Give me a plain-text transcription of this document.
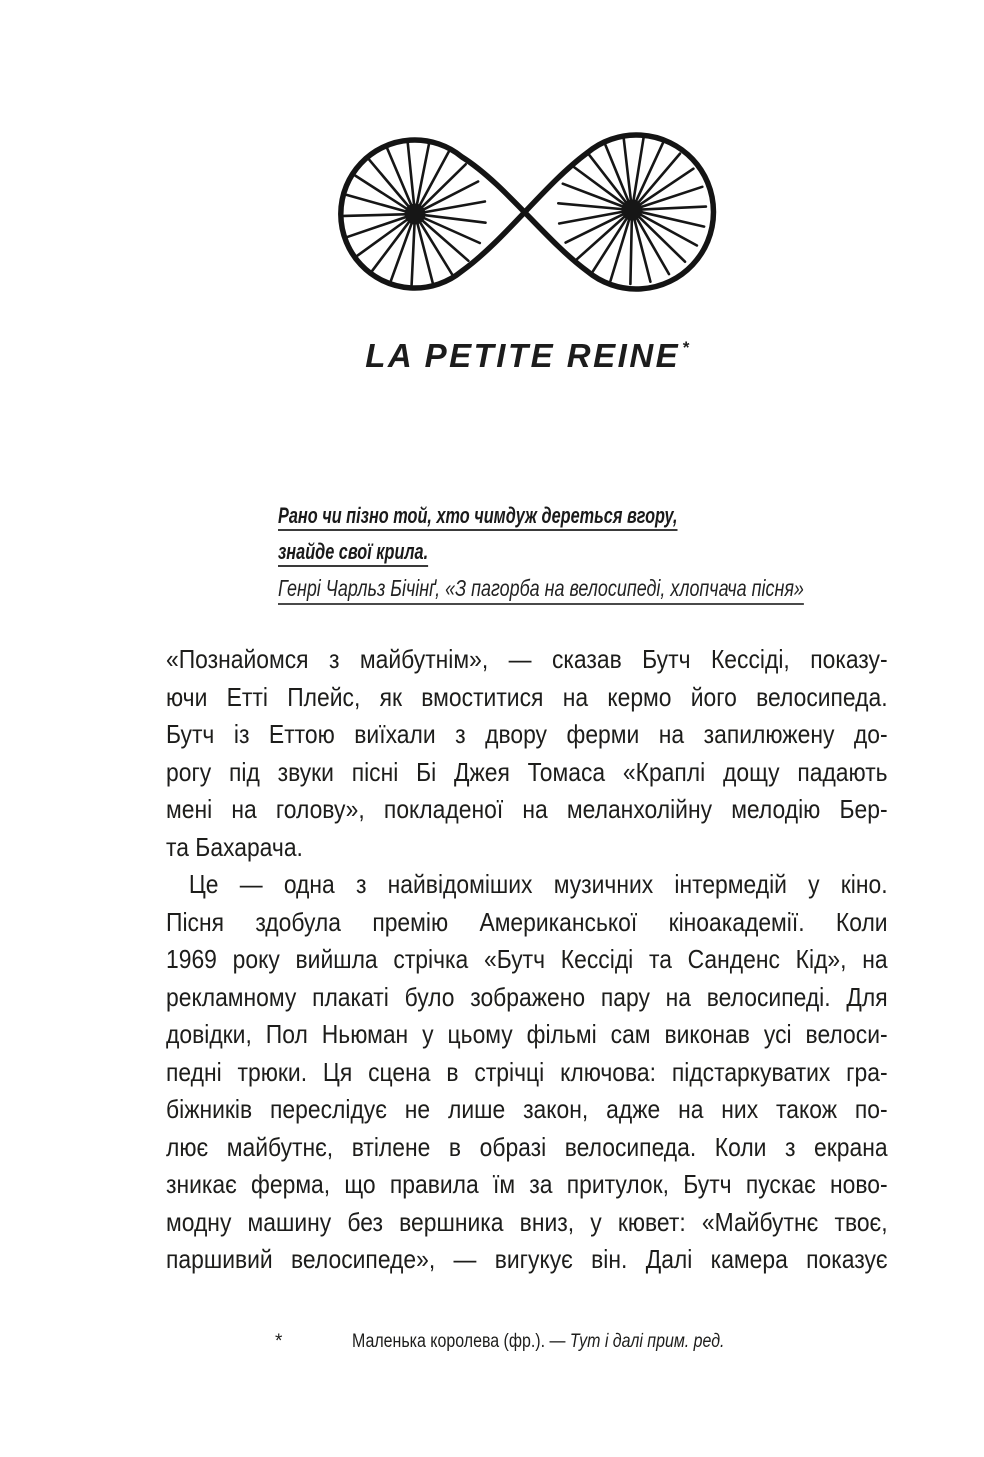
LA PETITE REINE *
Рано чи пізно той, хто чимдуж дереться вгору,
знайде свої крила.
Генрі Чарльз Бічінґ, «З пагорба на велосипеді, хлопчача пісня»
«Познайомся з майбутнім», — сказав Бутч Кессіді, показу-
ючи Етті Плейс, як вмоститися на кермо його велосипеда.
Бутч із Еттою виїхали з двору ферми на запилюжену до-
рогу під звуки пісні Бі Джея Томаса «Краплі дощу падають
мені на голову», покладеної на меланхолійну мелодію Бер-
та Бахарача.
Це — одна з найвідоміших музичних інтермедій у кіно.
Пісня здобула премію Американської кіноакадемії. Коли
1969 року вийшла стрічка «Бутч Кессіді та Санденс Кід», на
рекламному плакаті було зображено пару на велосипеді. Для
довідки, Пол Ньюман у цьому фільмі сам виконав усі велоси-
педні трюки. Ця сцена в стрічці ключова: підстаркуватих гра-
біжників переслідує не лише закон, адже на них також по-
лює майбутнє, втілене в образі велосипеда. Коли з екрана
зникає ферма, що правила їм за притулок, Бутч пускає ново-
модну машину без вершника вниз, у кювет: «Майбутнє твоє,
паршивий велосипеде», — вигукує він. Далі камера показує
*	Маленька королева (фр.). — Тут і далі прим. ред.
